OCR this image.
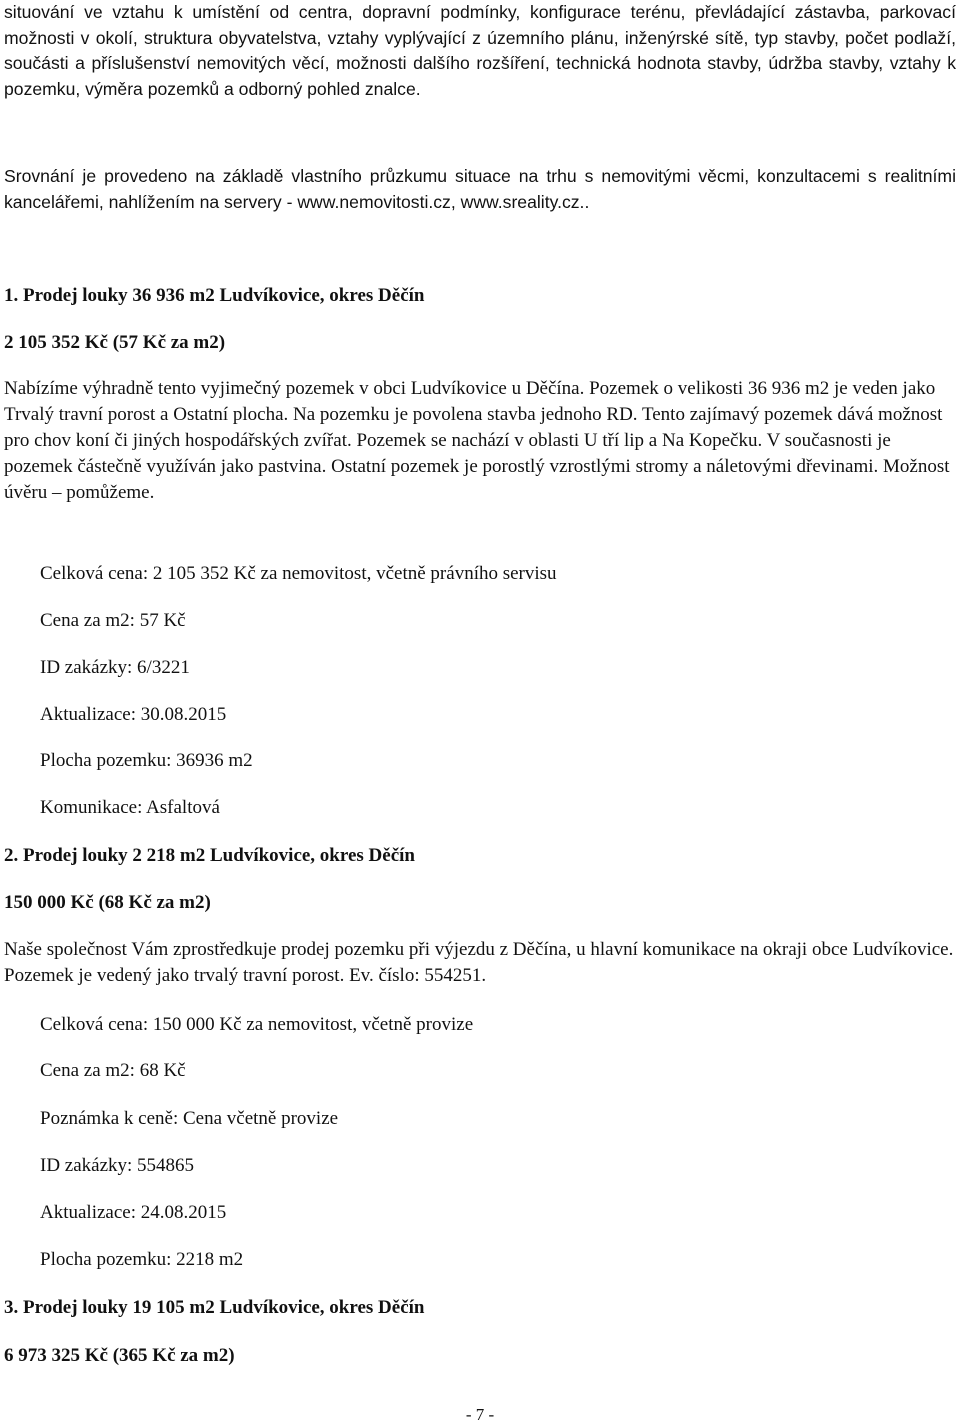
situování ve vztahu k umístění od centra, dopravní podmínky, konfigurace terénu, převládající zástavba, parkovací možnosti v okolí, struktura obyvatelstva, vztahy vyplývající z územního plánu, inženýrské sítě, typ stavby, počet podlaží, součásti a příslušenství nemovitých věcí, možnosti dalšího rozšíření, technická hodnota stavby, údržba stavby, vztahy k pozemku, výměra pozemků a odborný pohled znalce.

Srovnání je provedeno na základě vlastního průzkumu situace na trhu s nemovitými věcmi, konzultacemi s realitními kancelářemi, nahlížením na servery - www.nemovitosti.cz, www.sreality.cz..

1. Prodej louky 36 936 m2 Ludvíkovice, okres Děčín
2 105 352 Kč (57 Kč za m2)

Nabízíme výhradně tento vyjimečný pozemek v obci Ludvíkovice u Děčína. Pozemek o velikosti 36 936 m2 je veden jako Trvalý travní porost a Ostatní plocha. Na pozemku je povolena stavba jednoho RD. Tento zajímavý pozemek dává možnost pro chov koní či jiných hospodářských zvířat. Pozemek se nachází v oblasti U tří lip a Na Kopečku. V současnosti je pozemek částečně využíván jako pastvina. Ostatní pozemek je porostlý vzrostlými stromy a náletovými dřevinami. Možnost úvěru – pomůžeme.

Celková cena: 2 105 352 Kč za nemovitost, včetně právního servisu
Cena za m2: 57 Kč
ID zakázky: 6/3221
Aktualizace: 30.08.2015
Plocha pozemku: 36936 m2
Komunikace: Asfaltová
2. Prodej louky 2 218 m2 Ludvíkovice, okres Děčín
150 000 Kč (68 Kč za m2)

Naše společnost Vám zprostředkuje prodej pozemku při výjezdu z Děčína, u hlavní komunikace na okraji obce Ludvíkovice. Pozemek je vedený jako trvalý travní porost. Ev. číslo: 554251.

Celková cena: 150 000 Kč za nemovitost, včetně provize
Cena za m2: 68 Kč
Poznámka k ceně: Cena včetně provize
ID zakázky: 554865
Aktualizace: 24.08.2015
Plocha pozemku: 2218 m2
3. Prodej louky 19 105 m2 Ludvíkovice, okres Děčín
6 973 325 Kč (365 Kč za m2)
- 7 -
